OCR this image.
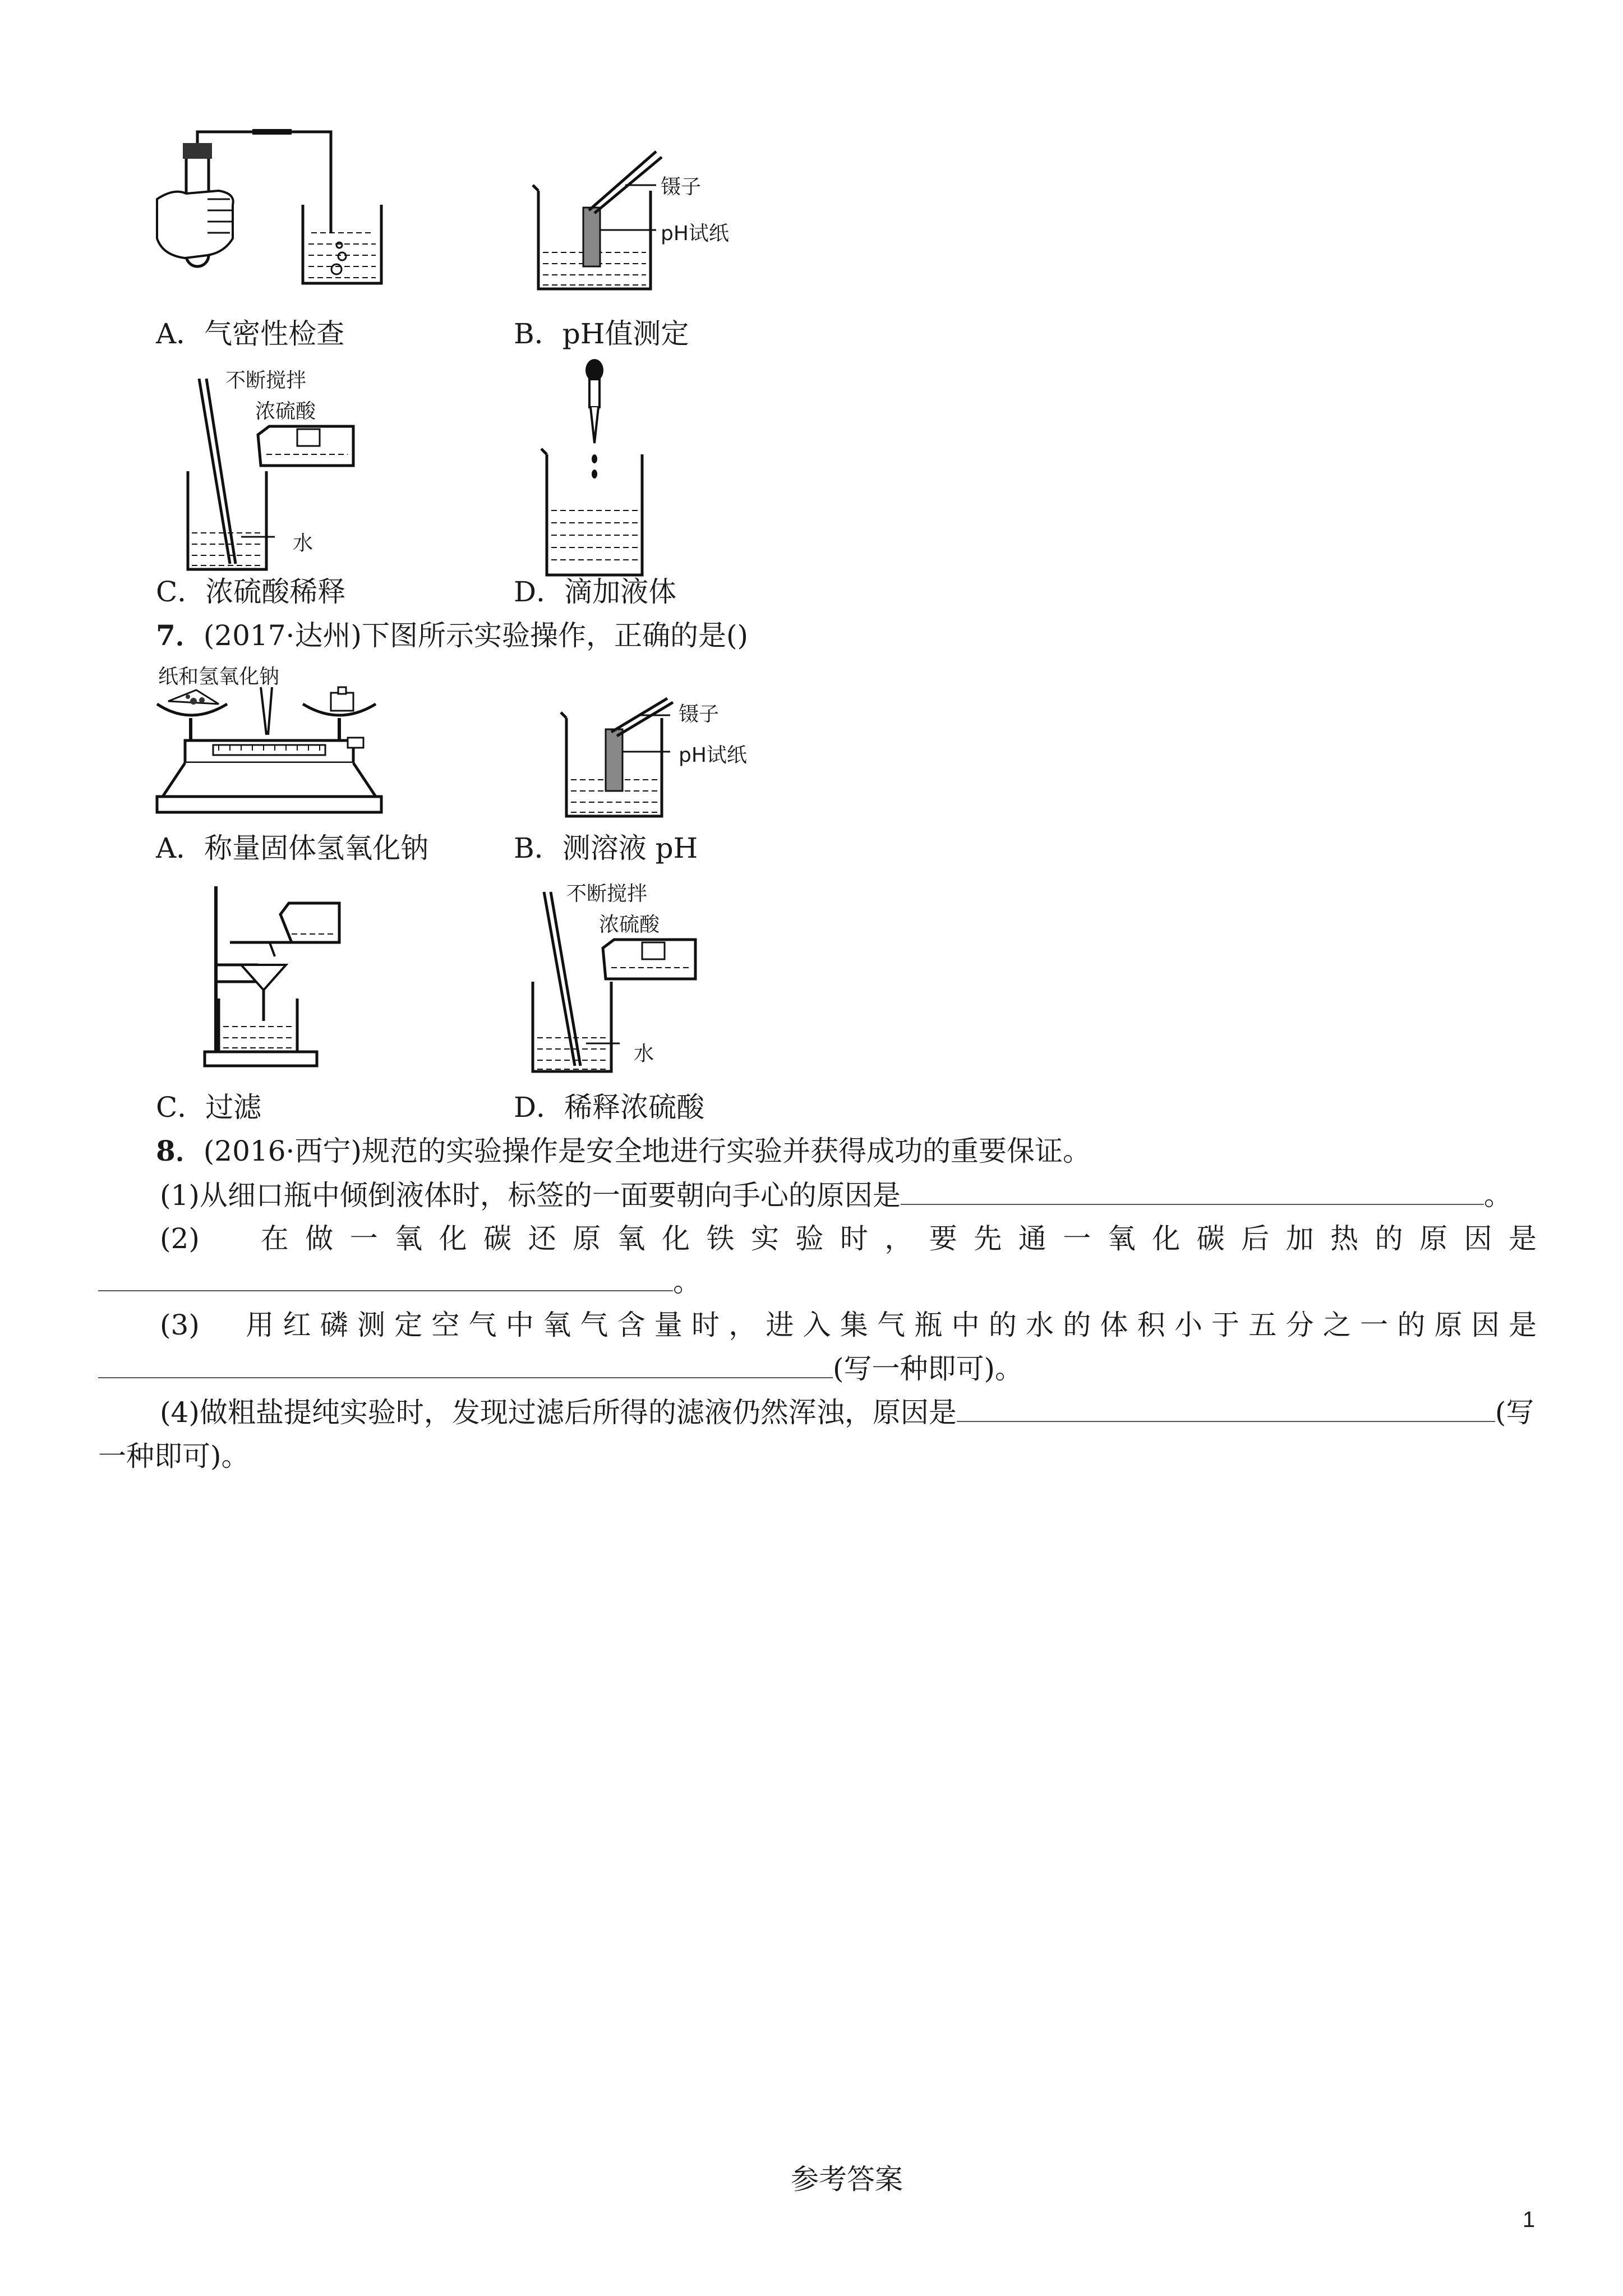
镊子
pH试纸
A．气密性检查	B．pH值测定
不断搅拌
浓硫酸
水
C．浓硫酸稀释	D．滴加液体
7．(2017·达州)下图所示实验操作，正确的是()
纸和氢氧化钠
镊子
pH试纸
A．称量固体氢氧化钠	B．测溶液 pH
不断搅拌
浓硫酸
水
C．过滤	D．稀释浓硫酸
8．(2016·西宁)规范的实验操作是安全地进行实验并获得成功的重要保证。
(1)从细口瓶中倾倒液体时，标签的一面要朝向手心的原因是	。
(2)　在做一氧化碳还原氧化铁实验时，要先通一氧化碳后加热的原因是
。
(3)　用红磷测定空气中氧气含量时，进入集气瓶中的水的体积小于五分之一的原因是
(写一种即可)。
(4)做粗盐提纯实验时，发现过滤后所得的滤液仍然浑浊，原因是	(写
一种即可)。
参考答案
1
